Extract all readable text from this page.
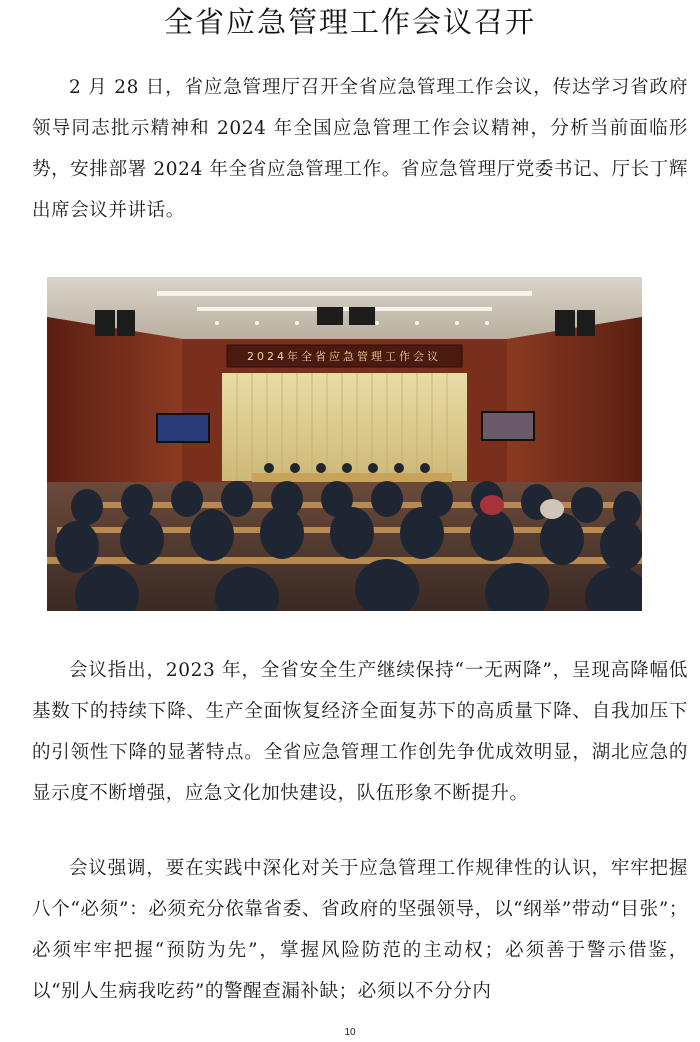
全省应急管理工作会议召开

2 月 28 日，省应急管理厅召开全省应急管理工作会议，传达学习省政府领导同志批示精神和 2024 年全国应急管理工作会议精神，分析当前面临形势，安排部署 2024 年全省应急管理工作。省应急管理厅党委书记、厅长丁辉出席会议并讲话。

2024年全省应急管理工作会议

会议指出，2023 年，全省安全生产继续保持“一无两降”，呈现高降幅低基数下的持续下降、生产全面恢复经济全面复苏下的高质量下降、自我加压下的引领性下降的显著特点。全省应急管理工作创先争优成效明显，湖北应急的显示度不断增强，应急文化加快建设，队伍形象不断提升。

会议强调，要在实践中深化对关于应急管理工作规律性的认识，牢牢把握八个“必须”：必须充分依靠省委、省政府的坚强领导，以“纲举”带动“目张”；必须牢牢把握“预防为先”，掌握风险防范的主动权；必须善于警示借鉴，以“别人生病我吃药”的警醒查漏补缺；必须以不分分内

10
